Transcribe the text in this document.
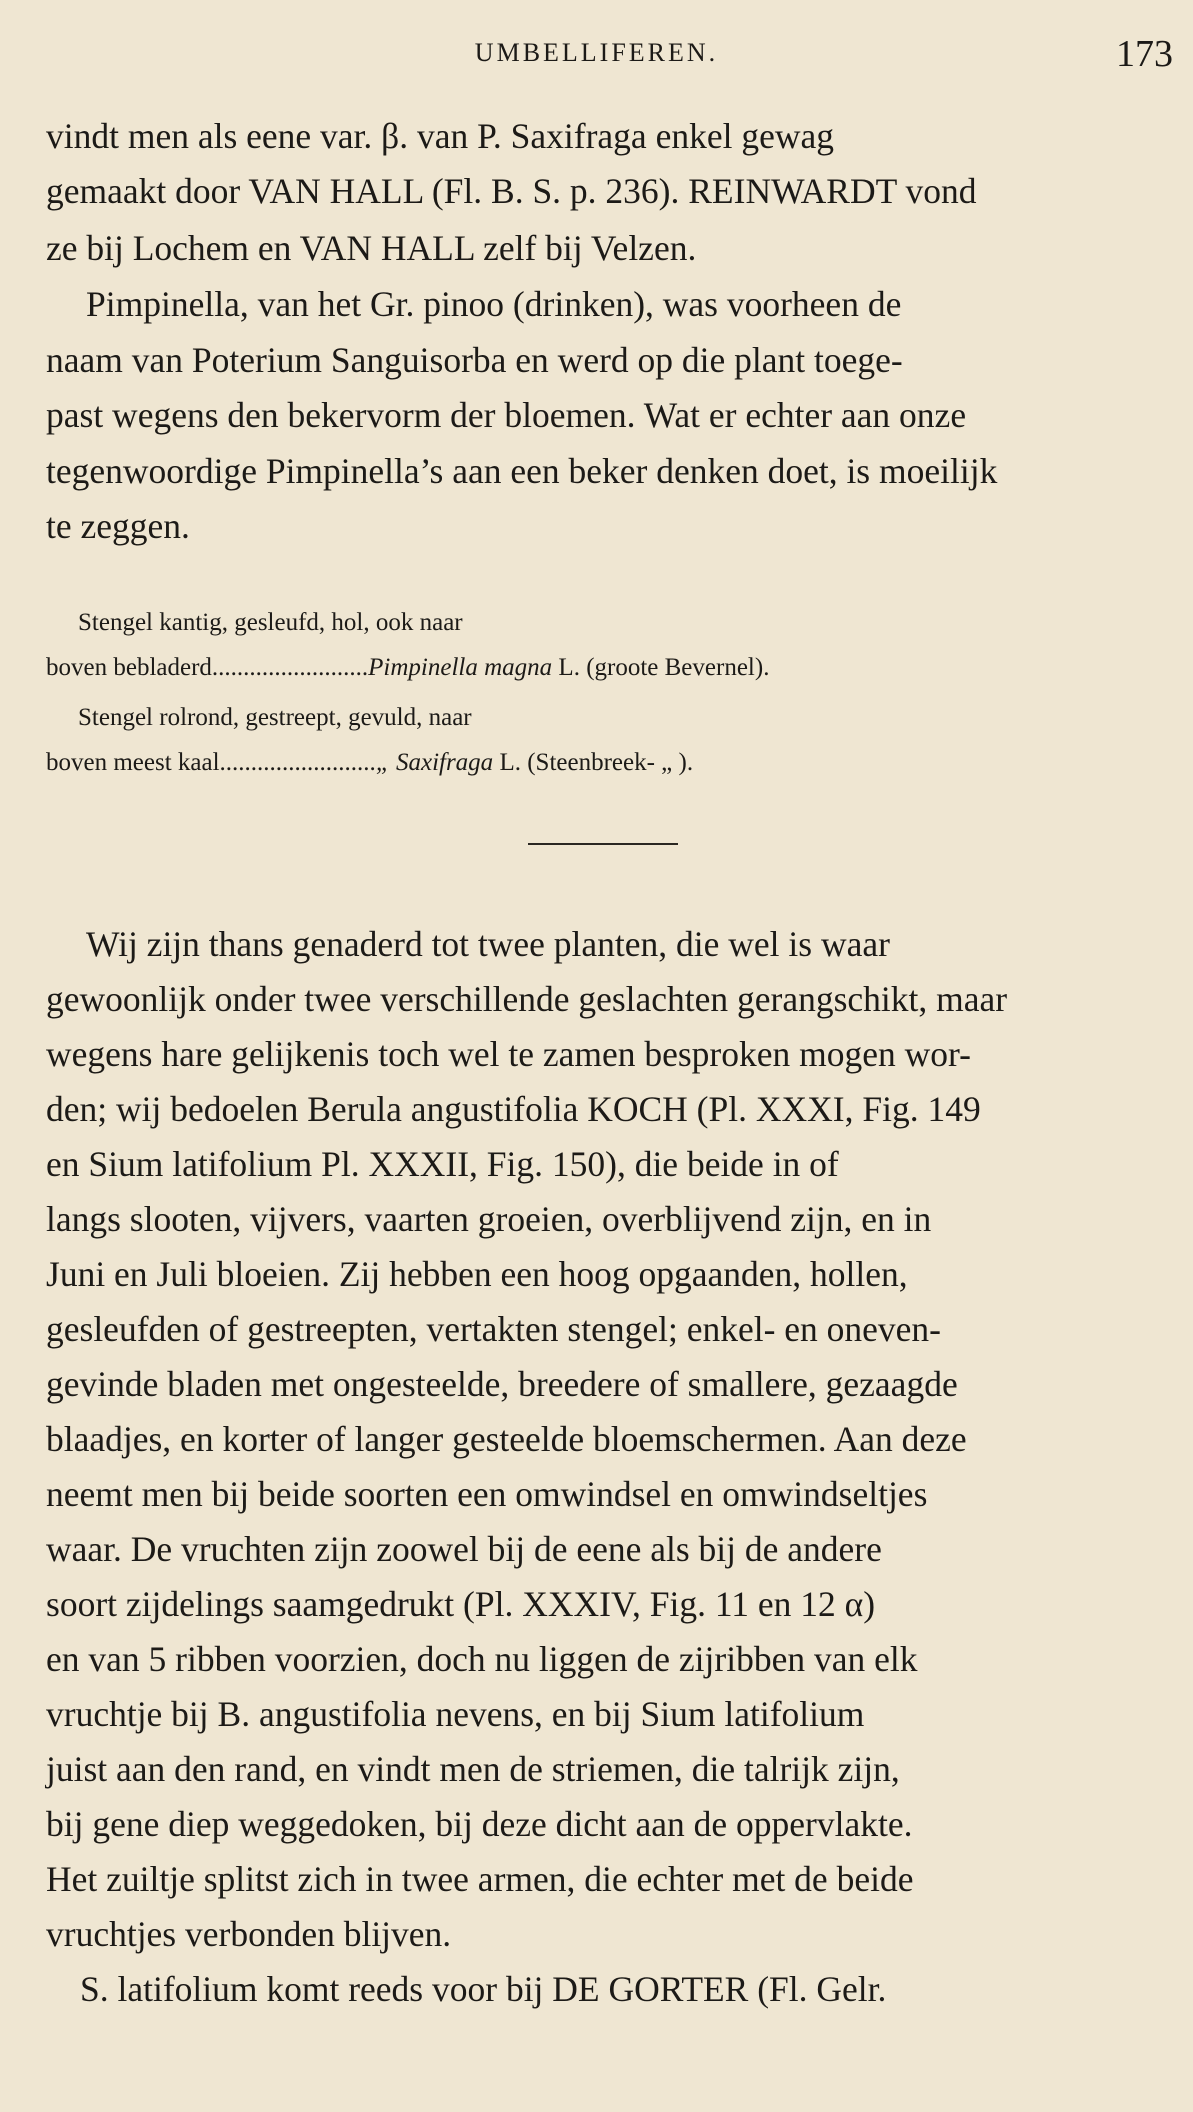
UMBELLIFEREN.	173
vindt men als eene var. β. van P. Saxifraga enkel gewag
gemaakt door VAN HALL (Fl. B. S. p. 236). REINWARDT vond
ze bij Lochem en VAN HALL zelf bij Velzen.
Pimpinella, van het Gr. pinoo (drinken), was voorheen de
naam van Poterium Sanguisorba en werd op die plant toege-
past wegens den bekervorm der bloemen. Wat er echter aan onze
tegenwoordige Pimpinella’s aan een beker denken doet, is moeilijk
te zeggen.
Stengel kantig, gesleufd, hol, ook naar
boven bebladerd.........................Pimpinella magna L. (groote Bevernel).
Stengel rolrond, gestreept, gevuld, naar
boven meest kaal.........................„ Saxifraga L. (Steenbreek- „ ).
Wij zijn thans genaderd tot twee planten, die wel is waar
gewoonlijk onder twee verschillende geslachten gerangschikt, maar
wegens hare gelijkenis toch wel te zamen besproken mogen wor-
den; wij bedoelen Berula angustifolia KOCH (Pl. XXXI, Fig. 149
en Sium latifolium Pl. XXXII, Fig. 150), die beide in of
langs slooten, vijvers, vaarten groeien, overblijvend zijn, en in
Juni en Juli bloeien. Zij hebben een hoog opgaanden, hollen,
gesleufden of gestreepten, vertakten stengel; enkel- en oneven-
gevinde bladen met ongesteelde, breedere of smallere, gezaagde
blaadjes, en korter of langer gesteelde bloemschermen. Aan deze
neemt men bij beide soorten een omwindsel en omwindseltjes
waar. De vruchten zijn zoowel bij de eene als bij de andere
soort zijdelings saamgedrukt (Pl. XXXIV, Fig. 11 en 12 α)
en van 5 ribben voorzien, doch nu liggen de zijribben van elk
vruchtje bij B. angustifolia nevens, en bij Sium latifolium
juist aan den rand, en vindt men de striemen, die talrijk zijn,
bij gene diep weggedoken, bij deze dicht aan de oppervlakte.
Het zuiltje splitst zich in twee armen, die echter met de beide
vruchtjes verbonden blijven.
S. latifolium komt reeds voor bij DE GORTER (Fl. Gelr.
